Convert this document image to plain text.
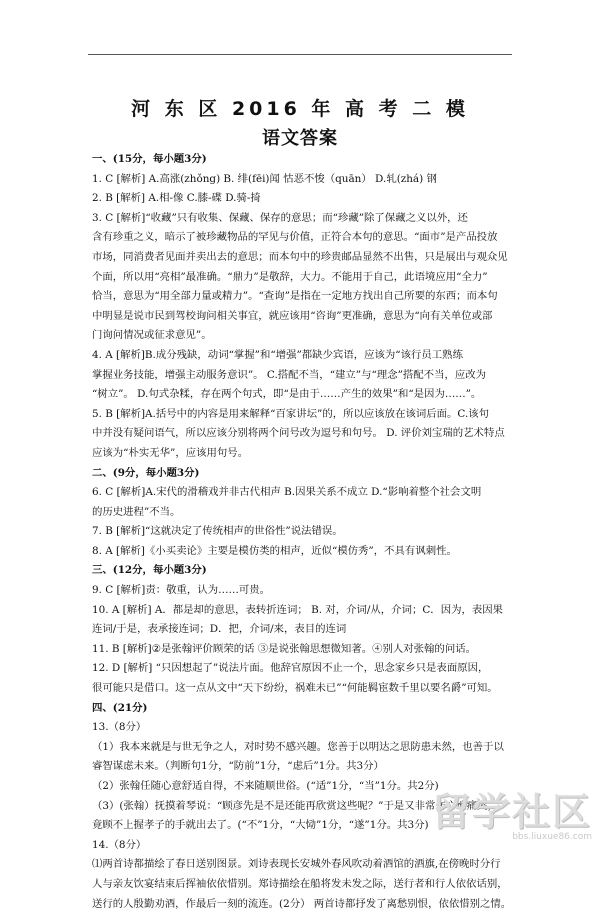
河 东 区 2016 年 高 考 二 模
语文答案
一、(15分，每小题3分)
1. C [解析] A.高涨(zhǒng) B. 绯(fēi)闻 怙恶不悛（quān） D.轧(zhá) 钢
2. B [解析] A.相-像 C.膝-碟 D.骑-掎
3. C [解析]“收藏”只有收集、保藏、保存的意思；而“珍藏”除了保藏之义以外，还
含有珍重之义，暗示了被珍藏物品的罕见与价值，正符合本句的意思。“面市”是产品投放
市场，同消费者见面并卖出去的意思；而本句中的珍贵邮品显然不出售，只是展出与观众见
个面，所以用“亮相”最准确。“鼎力”是敬辞，大力。不能用于自己，此语境应用“全力”
恰当，意思为“用全部力量或精力”。“查询”是指在一定地方找出自己所要的东西；而本句
中明显是说市民到驾校询问相关事宜，就应该用“咨询”更准确，意思为“向有关单位或部
门询问情况或征求意见”。
4. A [解析]B.成分残缺，动词“掌握”和“增强”都缺少宾语，应该为“该行员工熟练
掌握业务技能，增强主动服务意识”。 C.搭配不当，“建立”与“理念”搭配不当，应改为
“树立”。 D.句式杂糅，存在两个句式，即“是由于……产生的效果”和“是因为……”。
5. B [解析]A.括号中的内容是用来解释“百家讲坛”的，所以应该放在该词后面。C.该句
中并没有疑问语气，所以应该分别将两个问号改为逗号和句号。 D. 评价刘宝瑞的艺术特点
应该为“朴实无华”，应该用句号。
二、(9分，每小题3分)
6. C [解析]A.宋代的滑稽戏并非古代相声 B.因果关系不成立 D.“影响着整个社会文明
的历史进程”不当。
7. B [解析]“这就决定了传统相声的世俗性”说法错误。
8. A [解析]《小买卖论》主要是模仿类的相声，近似“模仿秀”，不具有讽刺性。
三、(12分，每小题3分)
9. C [解析]责：敬重，认为……可贵。
10. A [解析] A．都是却的意思，表转折连词； B. 对，介词/从，介词；C．因为，表因果
连词/于是，表承接连词；D．把，介词/来，表目的连词
11. B [解析]②是张翰评价顾荣的话 ③是说张翰思想微知著。④别人对张翰的问话。
12. D [解析] “只因想起了”说法片面。他辞官原因不止一个，思念家乡只是表面原因，
很可能只是借口。这一点从文中“天下纷纷，祸难未已”“何能羁宦数千里以要名爵”可知。
四、(21分)
13.（8分）
（1）我本来就是与世无争之人，对时势不感兴趣。您善于以明达之思防患未然，也善于以
睿智谋虑未来。（判断句1分，“防前”1分，“虑后”1分。共3分）
（2）张翰任随心意舒适自得，不来随顺世俗。(“适”1分，“当”1分。共2分)
（3）(张翰）抚摸着琴说：“顾彦先是不是还能再欣赏这些呢？”于是又非常伤心地痛哭，
竟顾不上握孝子的手就出去了。(“不”1分，“大恸”1分，“遂”1分。共3分)
14.（8分）
⑴两首诗都描绘了春日送别图景。刘诗表现长安城外春风吹动着酒馆的酒旗,在傍晚时分行
人与亲友饮宴结束后挥袖依依惜别。郑诗描绘在船将发未发之际，送行者和行人依依话别，
送行的人殷勤劝酒，作最后一刻的流连。(2分） 两首诗都抒发了离愁别恨，依依惜别之情。
留学社区
bbs.liuxue86.com
